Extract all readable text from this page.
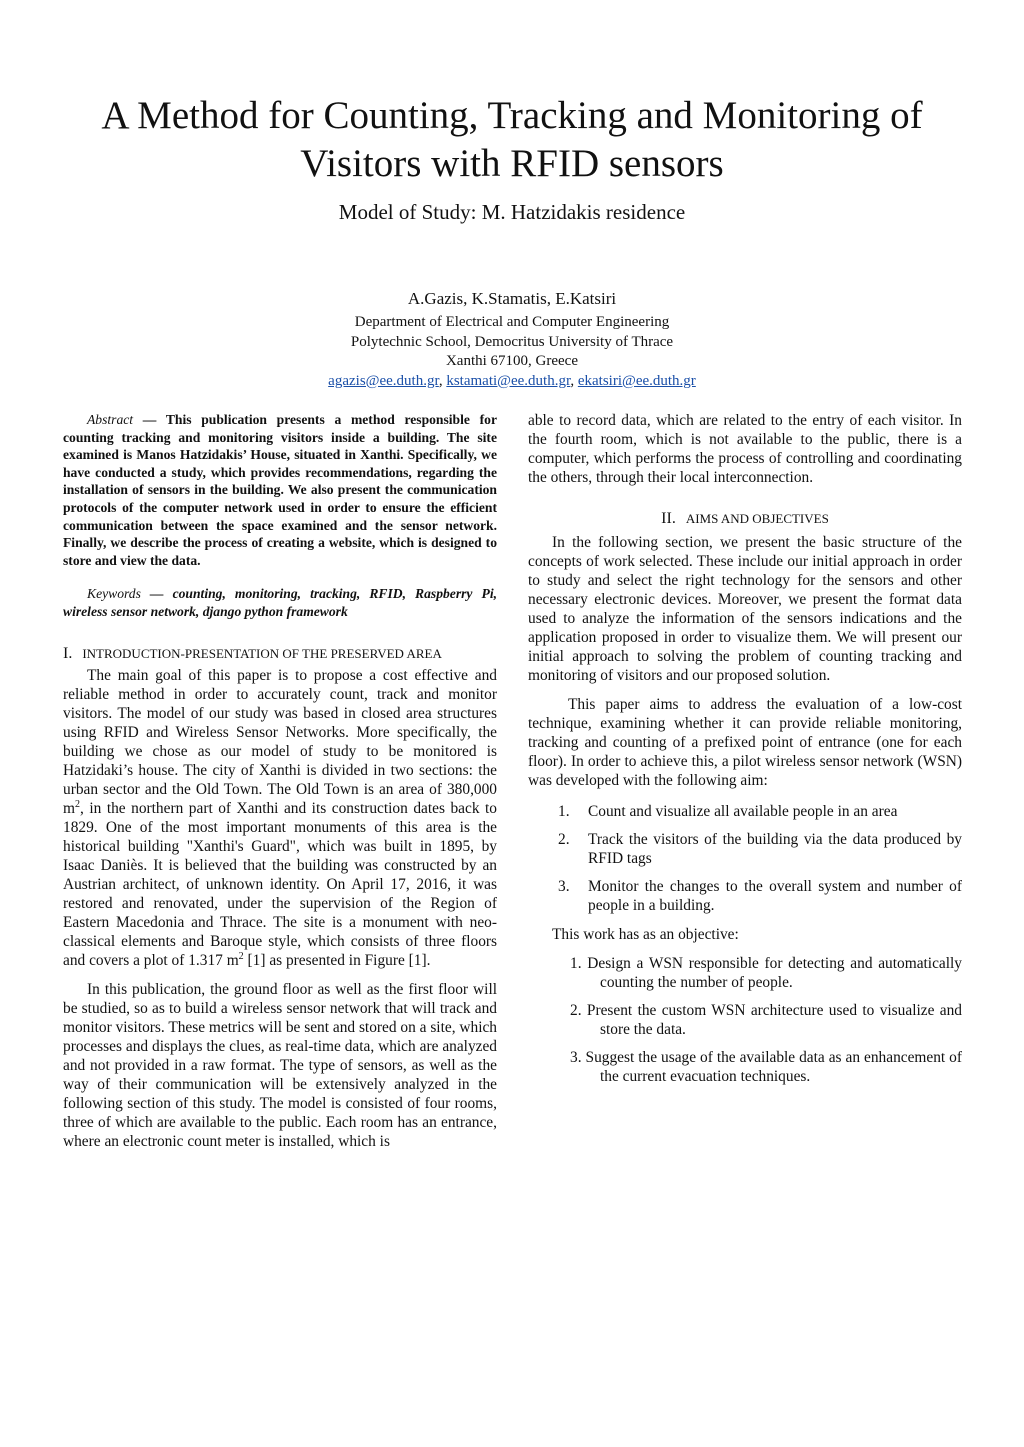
A Method for Counting, Tracking and Monitoring of Visitors with RFID sensors
Model of Study: M. Hatzidakis residence
A.Gazis, K.Stamatis, E.Katsiri
Department of Electrical and Computer Engineering
Polytechnic School, Democritus University of Thrace
Xanthi 67100, Greece
agazis@ee.duth.gr, kstamati@ee.duth.gr, ekatsiri@ee.duth.gr

Abstract — This publication presents a method responsible for counting tracking and monitoring visitors inside a building. The site examined is Manos Hatzidakis’ House, situated in Xanthi. Specifically, we have conducted a study, which provides recommendations, regarding the installation of sensors in the building. We also present the communication protocols of the computer network used in order to ensure the efficient communication between the space examined and the sensor network. Finally, we describe the process of creating a website, which is designed to store and view the data.

Keywords — counting, monitoring, tracking, RFID, Raspberry Pi, wireless sensor network, django python framework

I. INTRODUCTION-PRESENTATION OF THE PRESERVED AREA

The main goal of this paper is to propose a cost effective and reliable method in order to accurately count, track and monitor visitors. The model of our study was based in closed area structures using RFID and Wireless Sensor Networks. More specifically, the building we chose as our model of study to be monitored is Hatzidaki’s house. The city of Xanthi is divided in two sections: the urban sector and the Old Town. The Old Town is an area of 380,000 $m^2$, in the northern part of Xanthi and its construction dates back to 1829. One of the most important monuments of this area is the historical building "Xanthi's Guard", which was built in 1895, by Isaac Daniès. It is believed that the building was constructed by an Austrian architect, of unknown identity. On April 17, 2016, it was restored and renovated, under the supervision of the Region of Eastern Macedonia and Thrace. The site is a monument with neo-classical elements and Baroque style, which consists of three floors and covers a plot of 1.317 $m^2$ [1] as presented in Figure [1].

In this publication, the ground floor as well as the first floor will be studied, so as to build a wireless sensor network that will track and monitor visitors. These metrics will be sent and stored on a site, which processes and displays the clues, as real-time data, which are analyzed and not provided in a raw format. The type of sensors, as well as the way of their communication will be extensively analyzed in the following section of this study. The model is consisted of four rooms, three of which are available to the public. Each room has an entrance, where an electronic count meter is installed, which is

able to record data, which are related to the entry of each visitor. In the fourth room, which is not available to the public, there is a computer, which performs the process of controlling and coordinating the others, through their local interconnection.

II. AIMS AND OBJECTIVES

In the following section, we present the basic structure of the concepts of work selected. These include our initial approach in order to study and select the right technology for the sensors and other necessary electronic devices. Moreover, we present the format data used to analyze the information of the sensors indications and the application proposed in order to visualize them. We will present our initial approach to solving the problem of counting tracking and monitoring of visitors and our proposed solution.

This paper aims to address the evaluation of a low-cost technique, examining whether it can provide reliable monitoring, tracking and counting of a prefixed point of entrance (one for each floor). In order to achieve this, a pilot wireless sensor network (WSN) was developed with the following aim:

1. Count and visualize all available people in an area
2. Track the visitors of the building via the data produced by RFID tags
3. Monitor the changes to the overall system and number of people in a building.

This work has as an objective:

1. Design a WSN responsible for detecting and automatically counting the number of people.
2. Present the custom WSN architecture used to visualize and store the data.
3. Suggest the usage of the available data as an enhancement of the current evacuation techniques.
